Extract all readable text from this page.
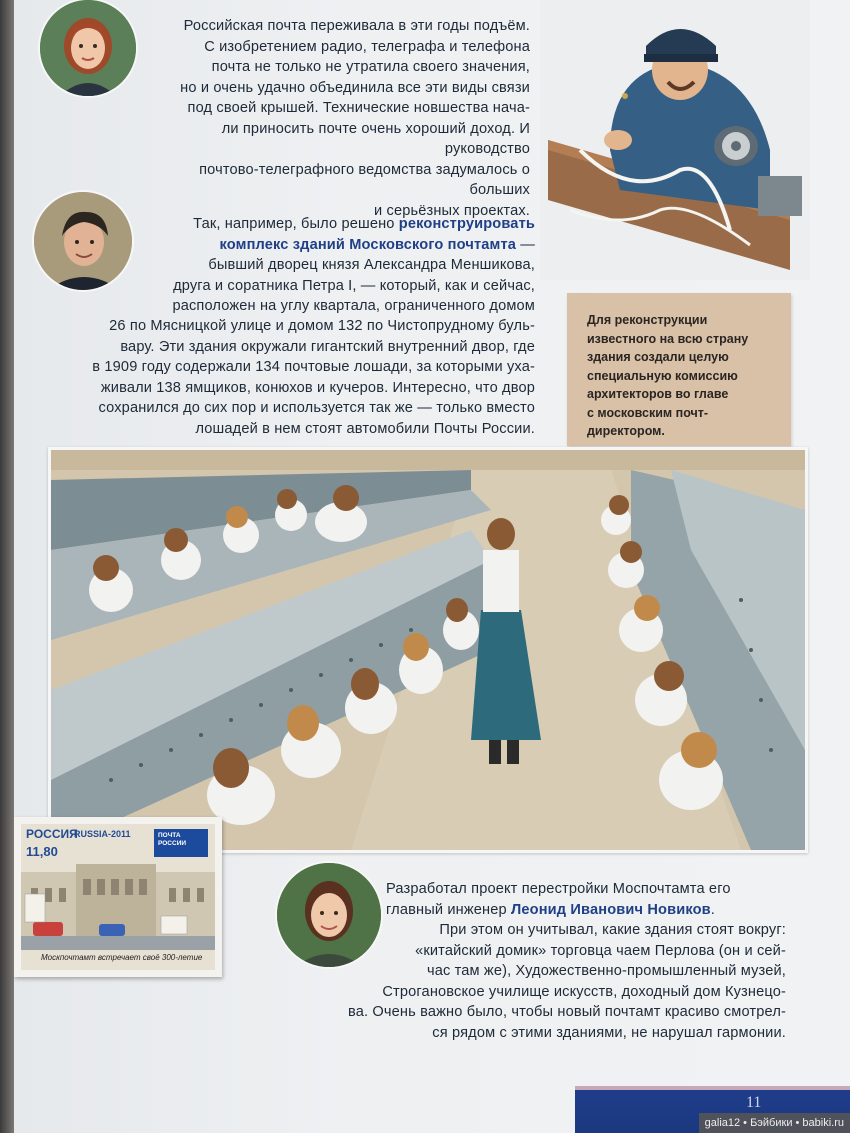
Российская почта переживала в эти годы подъём.
С изобретением радио, телеграфа и телефона
почта не только не утратила своего значения,
но и очень удачно объединила все эти виды связи
под своей крышей. Технические новшества нача-
ли приносить почте очень хороший доход. И руководство
почтово-телеграфного ведомства задумалось о больших
и серьёзных проектах.
Так, например, было решено реконструировать
комплекс зданий Московского почтамта —
бывший дворец князя Александра Меншикова,
друга и соратника Петра I, — который, как и сейчас,
расположен на углу квартала, ограниченного домом
26 по Мясницкой улице и домом 132 по Чистопрудному буль-
вару. Эти здания окружали гигантский внутренний двор, где
в 1909 году содержали 134 почтовые лошади, за которыми уха-
живали 138 ямщиков, конюхов и кучеров. Интересно, что двор
сохранился до сих пор и используется так же — только вместо
лошадей в нем стоят автомобили Почты России.
Для реконструкции
известного на всю страну
здания создали целую
специальную комиссию
архитекторов во главе
с московским почт-
директором.
РОССИЯ
RUSSIA-2011
11,80
ПОЧТА РОССИИ
Москпочтамт встречает своё 300-летие
Разработал проект перестройки Моспочтамта его
главный инженер Леонид Иванович Новиков.
При этом он учитывал, какие здания стоят вокруг:
«китайский домик» торговца чаем Перлова (он и сей-
час там же), Художественно-промышленный музей,
Строгановское училище искусств, доходный дом Кузнецо-
ва. Очень важно было, чтобы новый почтамт красиво смотрел-
ся рядом с этими зданиями, не нарушал гармонии.
11
galia12 • Бэйбики • babiki.ru
